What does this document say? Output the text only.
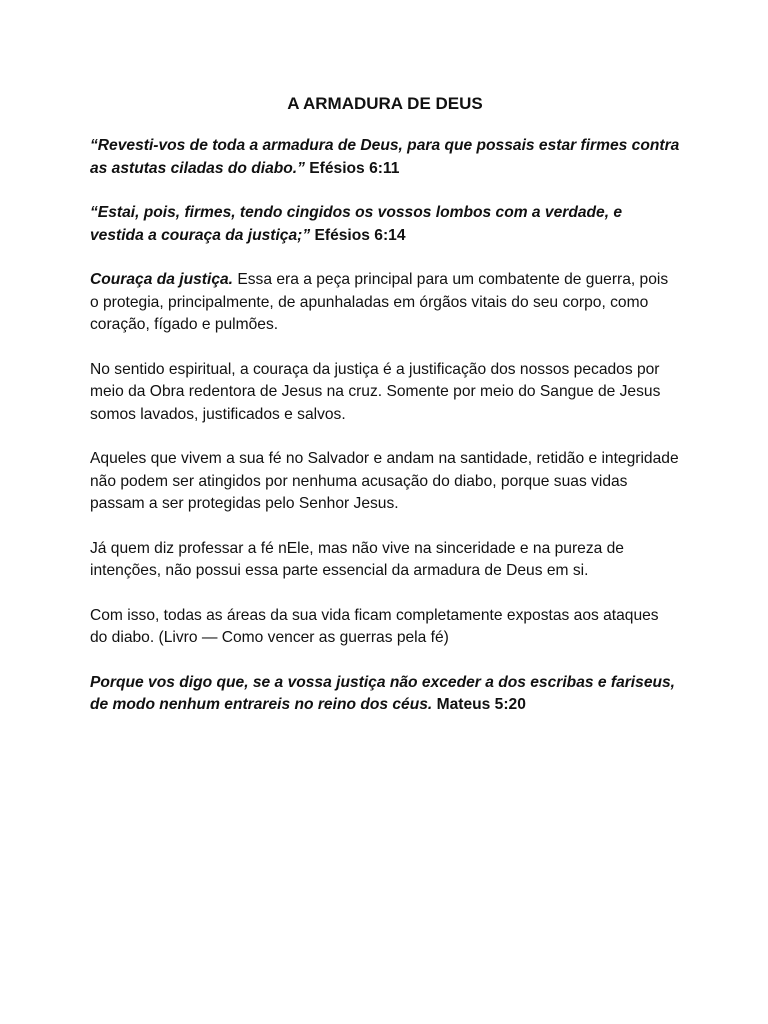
A ARMADURA DE DEUS

“Revesti-vos de toda a armadura de Deus, para que possais estar firmes contra as astutas ciladas do diabo.” Efésios 6:11

“Estai, pois, firmes, tendo cingidos os vossos lombos com a verdade, e vestida a couraça da justiça;” Efésios 6:14

Couraça da justiça. Essa era a peça principal para um combatente de guerra, pois o protegia, principalmente, de apunhaladas em órgãos vitais do seu corpo, como coração, fígado e pulmões.

No sentido espiritual, a couraça da justiça é a justificação dos nossos pecados por meio da Obra redentora de Jesus na cruz. Somente por meio do Sangue de Jesus somos lavados, justificados e salvos.

Aqueles que vivem a sua fé no Salvador e andam na santidade, retidão e integridade não podem ser atingidos por nenhuma acusação do diabo, porque suas vidas passam a ser protegidas pelo Senhor Jesus.

Já quem diz professar a fé nEle, mas não vive na sinceridade e na pureza de intenções, não possui essa parte essencial da armadura de Deus em si.

Com isso, todas as áreas da sua vida ficam completamente expostas aos ataques do diabo. (Livro — Como vencer as guerras pela fé)

Porque vos digo que, se a vossa justiça não exceder a dos escribas e fariseus, de modo nenhum entrareis no reino dos céus. Mateus 5:20
